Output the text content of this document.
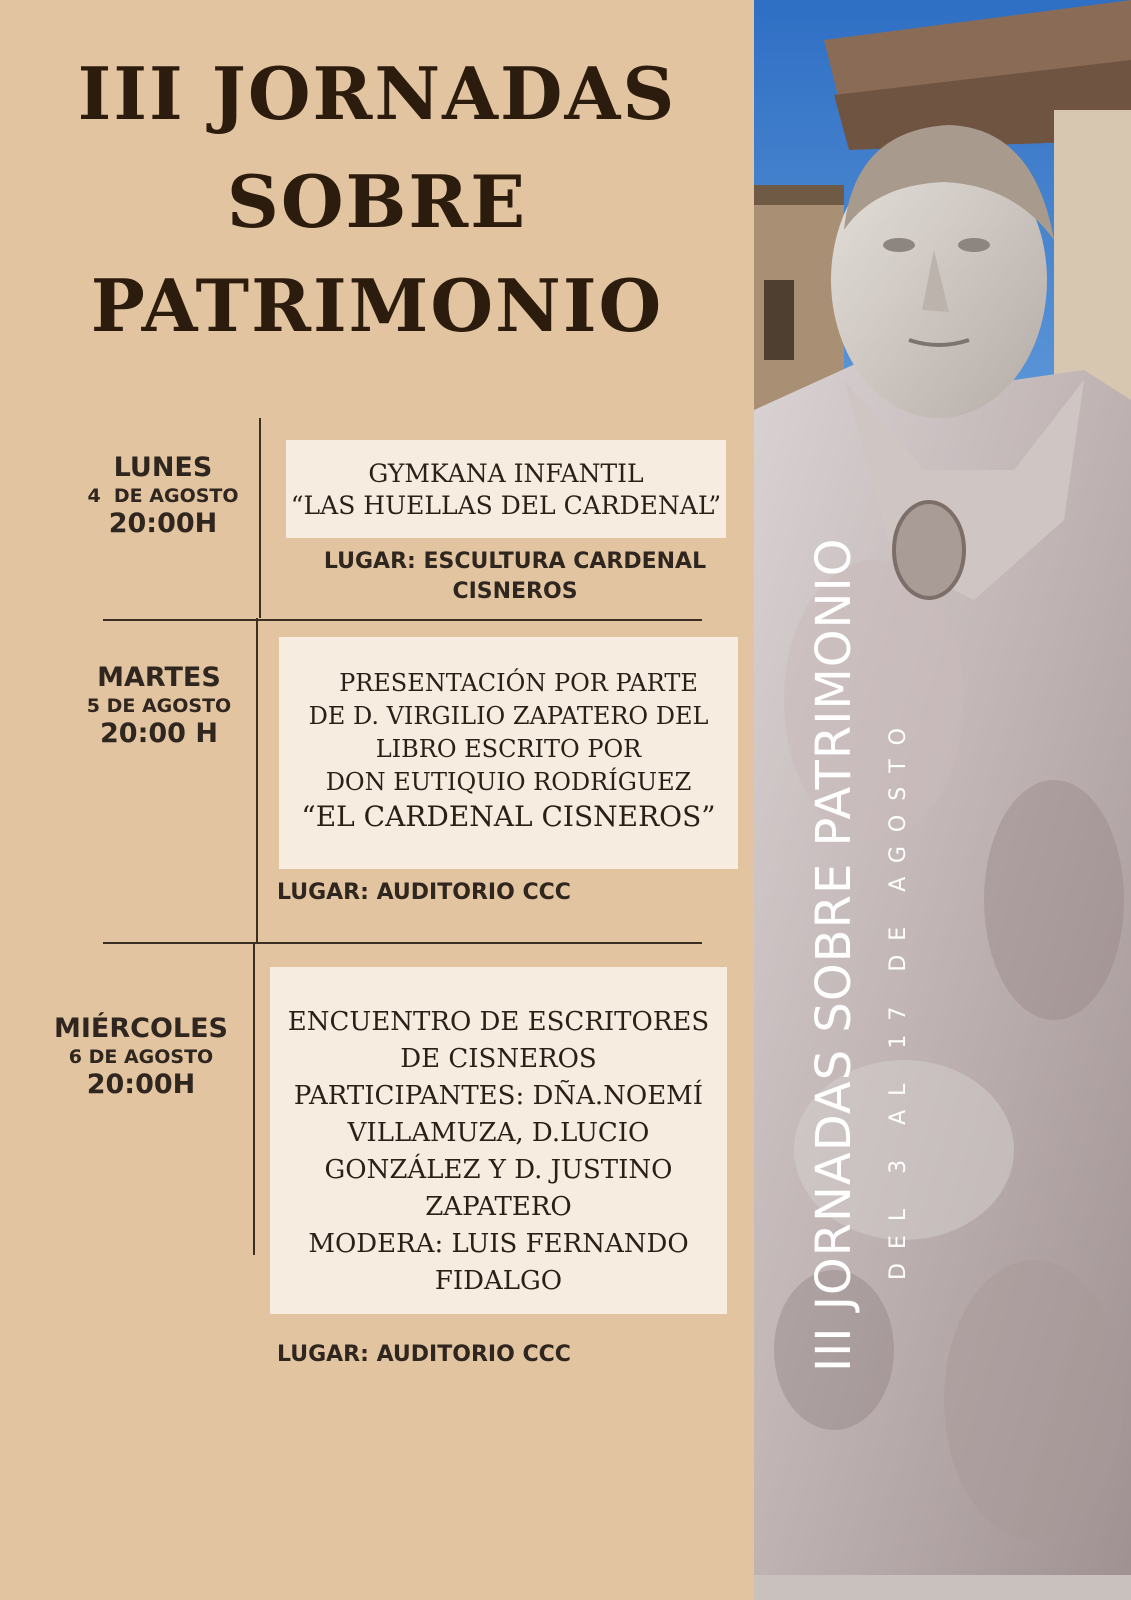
III JORNADAS
SOBRE
PATRIMONIO
LUNES
4  DE AGOSTO
20:00H
GYMKANA INFANTIL
“LAS HUELLAS DEL CARDENAL”
LUGAR: ESCULTURA CARDENAL
CISNEROS
MARTES
5 DE AGOSTO
20:00 H
PRESENTACIÓN POR PARTE
DE D. VIRGILIO ZAPATERO DEL
LIBRO ESCRITO POR
DON EUTIQUIO RODRÍGUEZ
“EL CARDENAL CISNEROS”
LUGAR: AUDITORIO CCC
MIÉRCOLES
6 DE AGOSTO
20:00H
ENCUENTRO DE ESCRITORES
DE CISNEROS
PARTICIPANTES: DÑA.NOEMÍ
VILLAMUZA, D.LUCIO
GONZÁLEZ Y D. JUSTINO
ZAPATERO
MODERA: LUIS FERNANDO
FIDALGO
LUGAR: AUDITORIO CCC	III JORNADAS SOBRE PATRIMONIO DEL 3 AL 17 DE AGOSTO
